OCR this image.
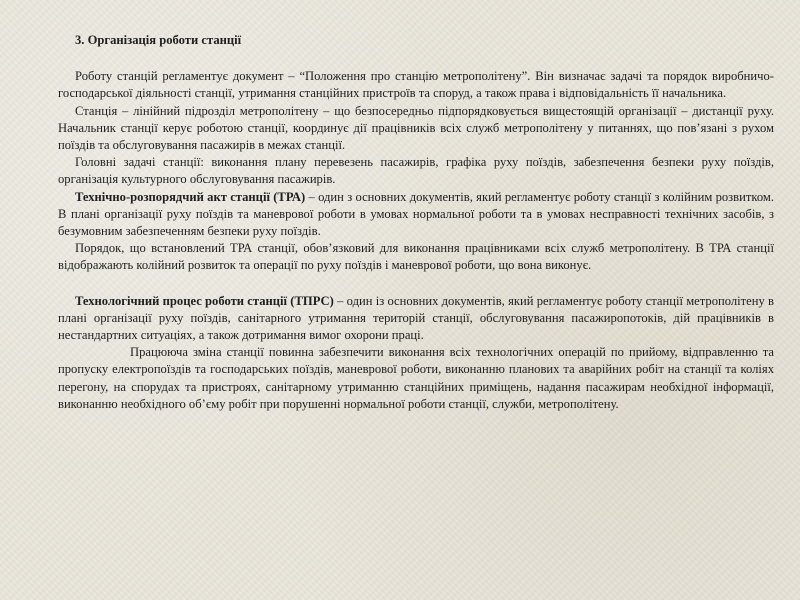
3. Організація роботи станції

Роботу станцій регламентує документ – “Положення про станцію метрополітену”. Він визначає задачі та порядок виробничо-господарської діяльності станції, утримання станційних пристроїв та споруд, а також права і відповідальність її начальника.

Станція – лінійний підрозділ метрополітену – що безпосередньо підпорядковується вищестоящій організації – дистанції руху. Начальник станції керує роботою станції, координує дії працівників всіх служб метрополітену у питаннях, що пов’язані з рухом поїздів та обслуговування пасажирів в межах станції.

Головні задачі станції: виконання плану перевезень пасажирів, графіка руху поїздів, забезпечення безпеки руху поїздів, організація культурного обслуговування пасажирів.

Технічно-розпорядчий акт станції (ТРА) – один з основних документів, який регламентує роботу станції з колійним розвитком. В плані організації руху поїздів та маневрової роботи в умовах нормальної роботи та в умовах несправності технічних засобів, з безумовним забезпеченням безпеки руху поїздів.

Порядок, що встановлений ТРА станції, обов’язковий для виконання працівниками всіх служб метрополітену. В ТРА станції відображають колійний розвиток та операції по руху поїздів і маневрової роботи, що вона виконує.

Технологічний процес роботи станції (ТПРС) – один із основних документів, який регламентує роботу станції метрополітену в плані організації руху поїздів, санітарного утримання територій станції, обслуговування пасажиропотоків, дій працівників в нестандартних ситуаціях, а також дотримання вимог охорони праці.

Працююча зміна станції повинна забезпечити виконання всіх технологічних операцій по прийому, відправленню та пропуску електропоїздів та господарських поїздів, маневрової роботи, виконанню планових та аварійних робіт на станції та коліях перегону, на спорудах та пристроях, санітарному утриманню станційних приміщень, надання пасажирам необхідної інформації, виконанню необхідного об’єму робіт при порушенні нормальної роботи станції, служби, метрополітену.
